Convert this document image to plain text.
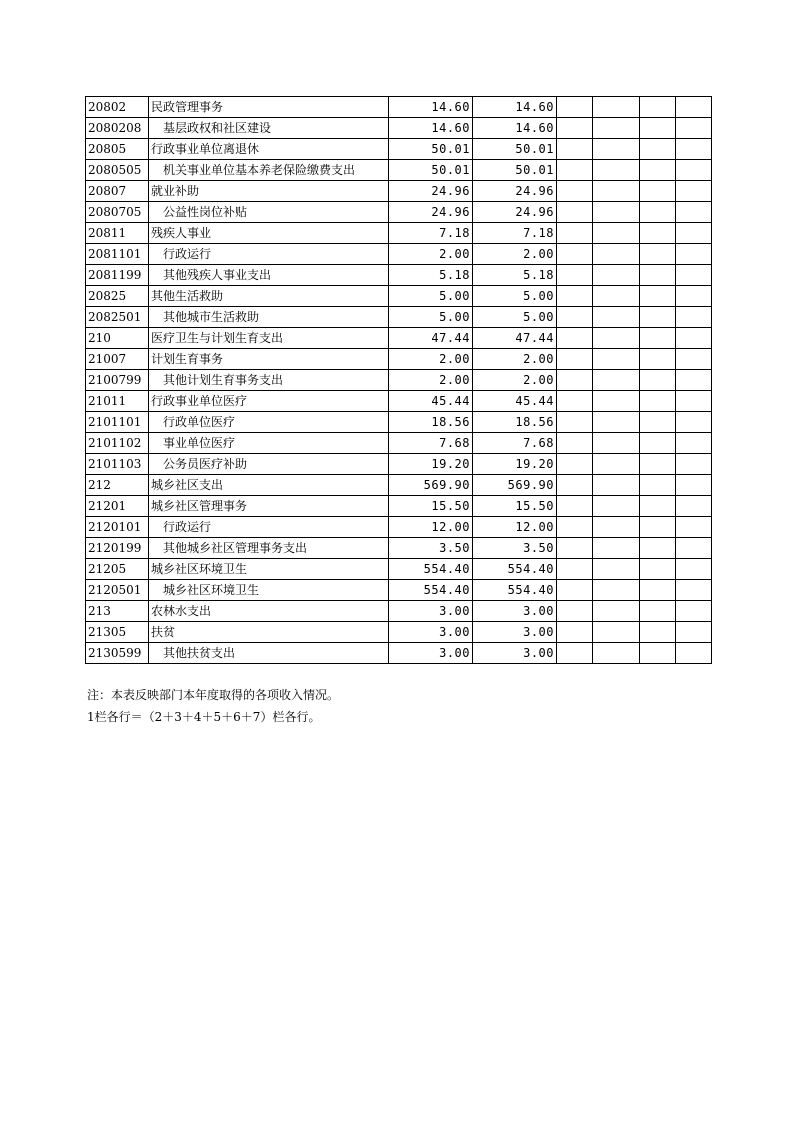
20802	民政管理事务	14.60	14.60				
2080208	基层政权和社区建设	14.60	14.60				
20805	行政事业单位离退休	50.01	50.01				
2080505	机关事业单位基本养老保险缴费支出	50.01	50.01				
20807	就业补助	24.96	24.96				
2080705	公益性岗位补贴	24.96	24.96				
20811	残疾人事业	7.18	7.18				
2081101	行政运行	2.00	2.00				
2081199	其他残疾人事业支出	5.18	5.18				
20825	其他生活救助	5.00	5.00				
2082501	其他城市生活救助	5.00	5.00				
210	医疗卫生与计划生育支出	47.44	47.44				
21007	计划生育事务	2.00	2.00				
2100799	其他计划生育事务支出	2.00	2.00				
21011	行政事业单位医疗	45.44	45.44				
2101101	行政单位医疗	18.56	18.56				
2101102	事业单位医疗	7.68	7.68				
2101103	公务员医疗补助	19.20	19.20				
212	城乡社区支出	569.90	569.90				
21201	城乡社区管理事务	15.50	15.50				
2120101	行政运行	12.00	12.00				
2120199	其他城乡社区管理事务支出	3.50	3.50				
21205	城乡社区环境卫生	554.40	554.40				
2120501	城乡社区环境卫生	554.40	554.40				
213	农林水支出	3.00	3.00				
21305	扶贫	3.00	3.00				
2130599	其他扶贫支出	3.00	3.00				
注：本表反映部门本年度取得的各项收入情况。
1栏各行＝（2＋3＋4＋5＋6＋7）栏各行。
